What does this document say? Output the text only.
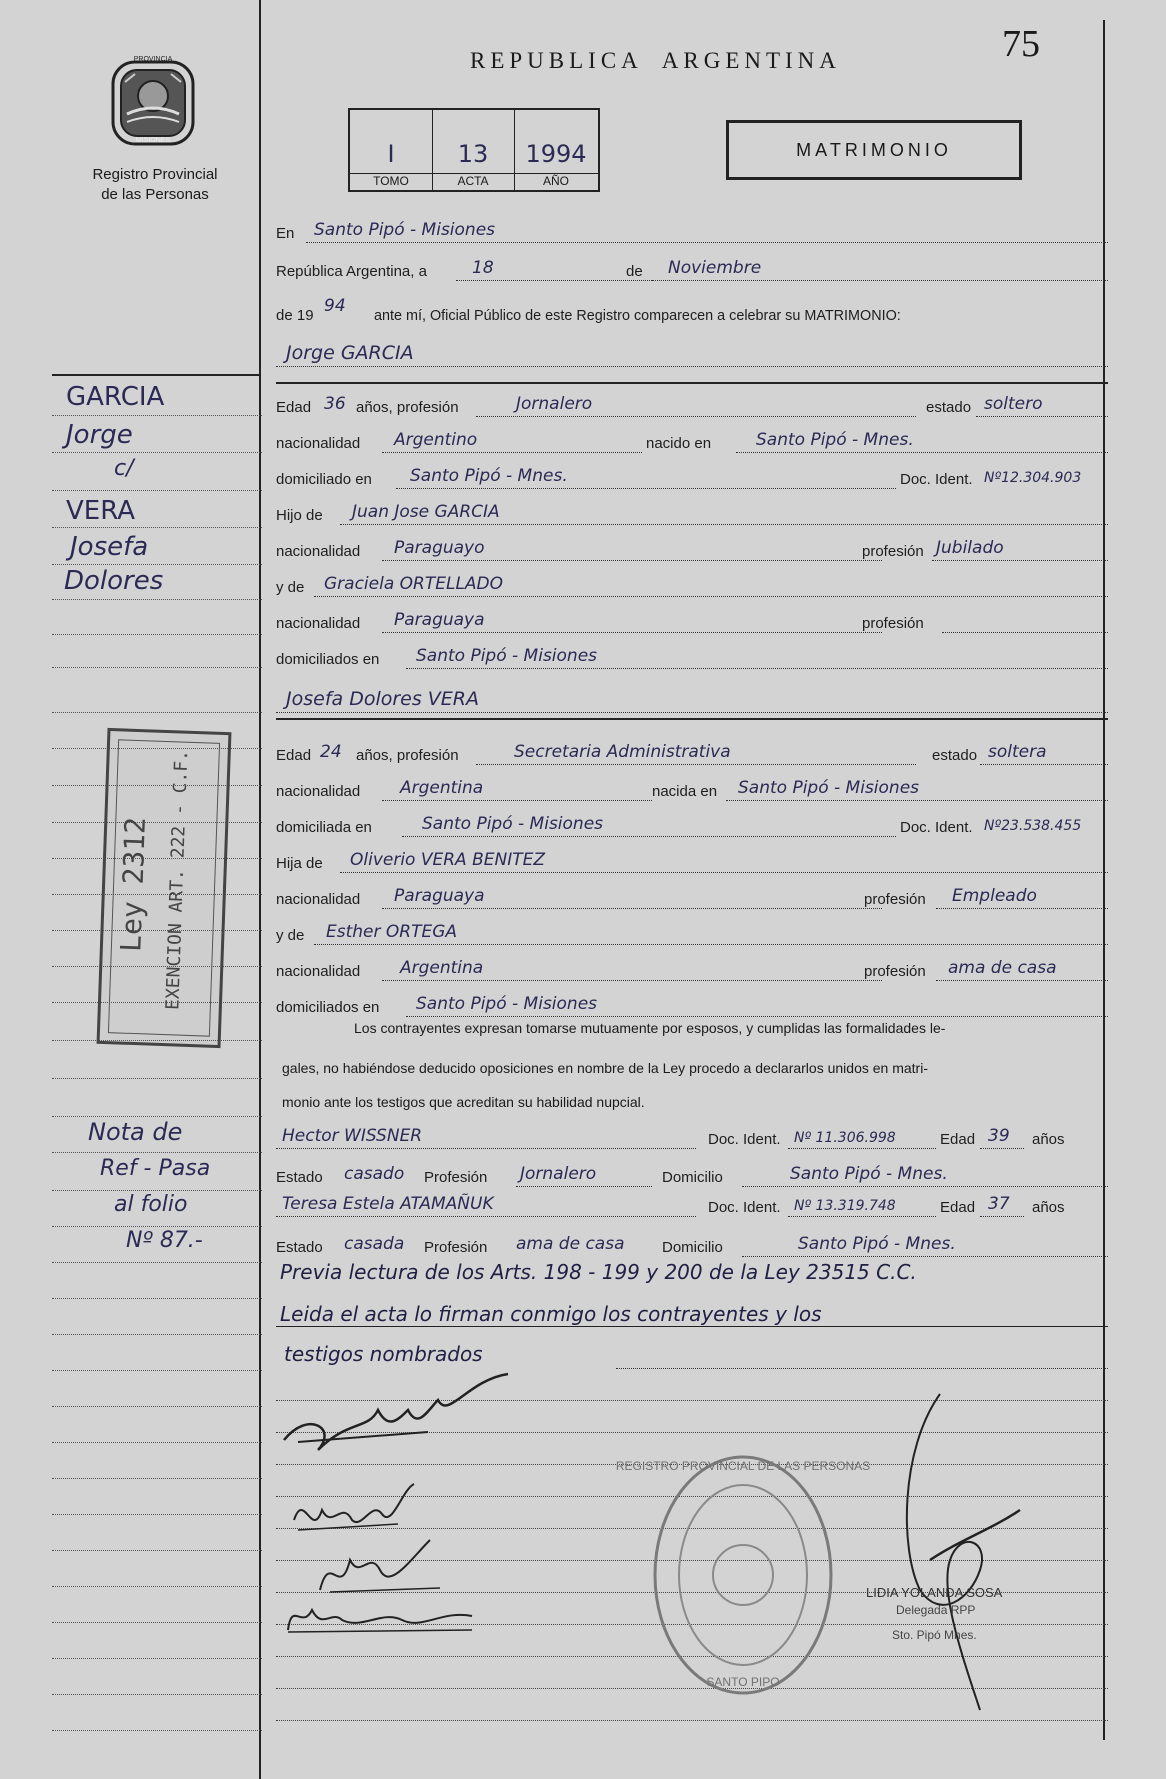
PROVINCIA
MISIONES
Registro Provincial
de las Personas
REPUBLICA  ARGENTINA	75
I
TOMO
13
ACTA
1994
AÑO
MATRIMONIO
En Santo Pipó - Misiones
República Argentina, a	18	de Noviembre
de 19 94 ante mí, Oficial Público de este Registro comparecen a celebrar su MATRIMONIO:
Jorge GARCIA
Edad 36 años, profesión	Jornalero	estado soltero
nacionalidad Argentino	nacido en	Santo Pipó - Mnes.
domiciliado en Santo Pipó - Mnes.	Doc. Ident. Nº12.304.903
Hijo de Juan Jose GARCIA
nacionalidad Paraguayo	profesión Jubilado
y de Graciela ORTELLADO
nacionalidad Paraguaya	profesión
domiciliados en Santo Pipó - Misiones
Josefa Dolores VERA
Edad 24 años, profesión	Secretaria Administrativa	estado soltera
nacionalidad Argentina	nacida en Santo Pipó - Misiones
domiciliada en	Santo Pipó - Misiones	Doc. Ident. Nº23.538.455
Hija de Oliverio VERA BENITEZ
nacionalidad Paraguaya	profesión Empleado
y de Esther ORTEGA
nacionalidad Argentina	profesión ama de casa
domiciliados en Santo Pipó - Misiones
Los contrayentes expresan tomarse mutuamente por esposos, y cumplidas las formalidades le-
gales, no habiéndose deducido oposiciones en nombre de la Ley procedo a declararlos unidos en matri-
monio ante los testigos que acreditan su habilidad nupcial.
Hector WISSNER	Doc. Ident. Nº 11.306.998	Edad 39 años
Estado casado Profesión Jornalero	Domicilio	Santo Pipó - Mnes.
Teresa Estela ATAMAÑUK	Doc. Ident. Nº 13.319.748	Edad 37 años
Estado casada Profesión ama de casa	Domicilio	Santo Pipó - Mnes.
Previa lectura de los Arts. 198 - 199 y 200 de la Ley 23515 C.C.
Leida el acta lo firman conmigo los contrayentes y los
testigos nombrados
REGISTRO PROVINCIAL DE LAS PERSONAS
SANTO PIPO
LIDIA YOLANDA SOSA
Delegada RPP
Sto. Pipó Mnes.
GARCIA
Jorge
c/
VERA
Josefa
Dolores
Nota de
Ref - Pasa
al folio
Nº 87.-
Ley 2312 EXENCION ART. 222 - C.F.
